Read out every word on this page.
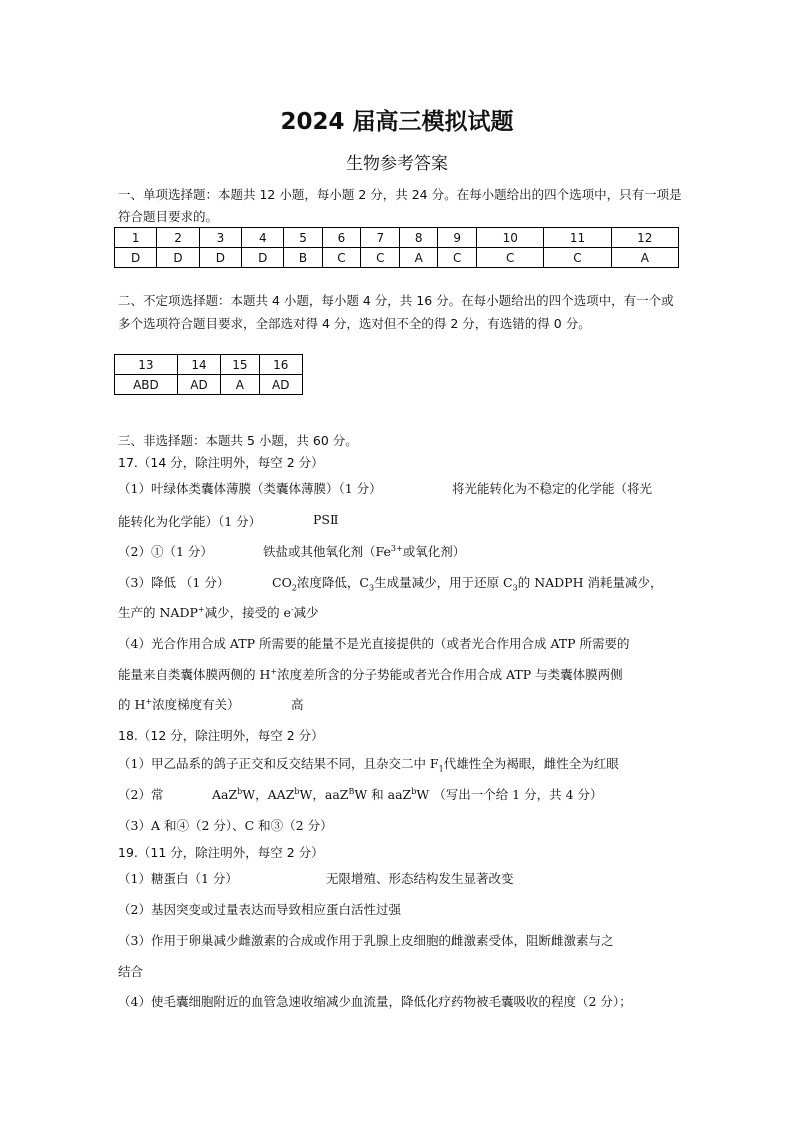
2024 届高三模拟试题
生物参考答案
一、单项选择题：本题共 12 小题，每小题 2 分，共 24 分。在每小题给出的四个选项中，只有一项是符合题目要求的。
1	2	3	4	5	6	7	8	9	10	11	12
D	D	D	D	B	C	C	A	C	C	C	A
二、不定项选择题：本题共 4 小题，每小题 4 分，共 16 分。在每小题给出的四个选项中，有一个或多个选项符合题目要求，全部选对得 4 分，选对但不全的得 2 分，有选错的得 0 分。
13	14	15	16
ABD	AD	A	AD
三、非选择题：本题共 5 小题，共 60 分。
17.（14 分，除注明外，每空 2 分）
（1）叶绿体类囊体薄膜（类囊体薄膜）（1 分）	将光能转化为不稳定的化学能（将光
能转化为化学能）（1 分）	PSⅡ
（2）①（1 分）	铁盐或其他氧化剂（$Fe^{3+}$或氧化剂）
（3）降低 （1 分）	$CO_2$浓度降低，$C_3$生成量减少，用于还原 $C_3$的 NADPH 消耗量减少，
生产的 NADP+减少，接受的 e-减少
（4）光合作用合成 ATP 所需要的能量不是光直接提供的（或者光合作用合成 ATP 所需要的
能量来自类囊体膜两侧的 H+浓度差所含的分子势能或者光合作用合成 ATP 与类囊体膜两侧
的 H+浓度梯度有关）	高
18.（12 分，除注明外，每空 2 分）
（1）甲乙品系的鸽子正交和反交结果不同，且杂交二中 $F_1$代雄性全为褐眼，雌性全为红眼
（2）常	AaZ$^b$W，AAZ$^b$W，aaZ$^B$W 和 aaZ$^b$W （写出一个给 1 分，共 4 分）
（3）A 和④（2 分）、C 和③（2 分）
19.（11 分，除注明外，每空 2 分）
（1）糖蛋白（1 分）	无限增殖、形态结构发生显著改变
（2）基因突变或过量表达而导致相应蛋白活性过强
（3）作用于卵巢减少雌激素的合成或作用于乳腺上皮细胞的雌激素受体，阻断雌激素与之
结合
（4）使毛囊细胞附近的血管急速收缩减少血流量，降低化疗药物被毛囊吸收的程度（2 分）；
